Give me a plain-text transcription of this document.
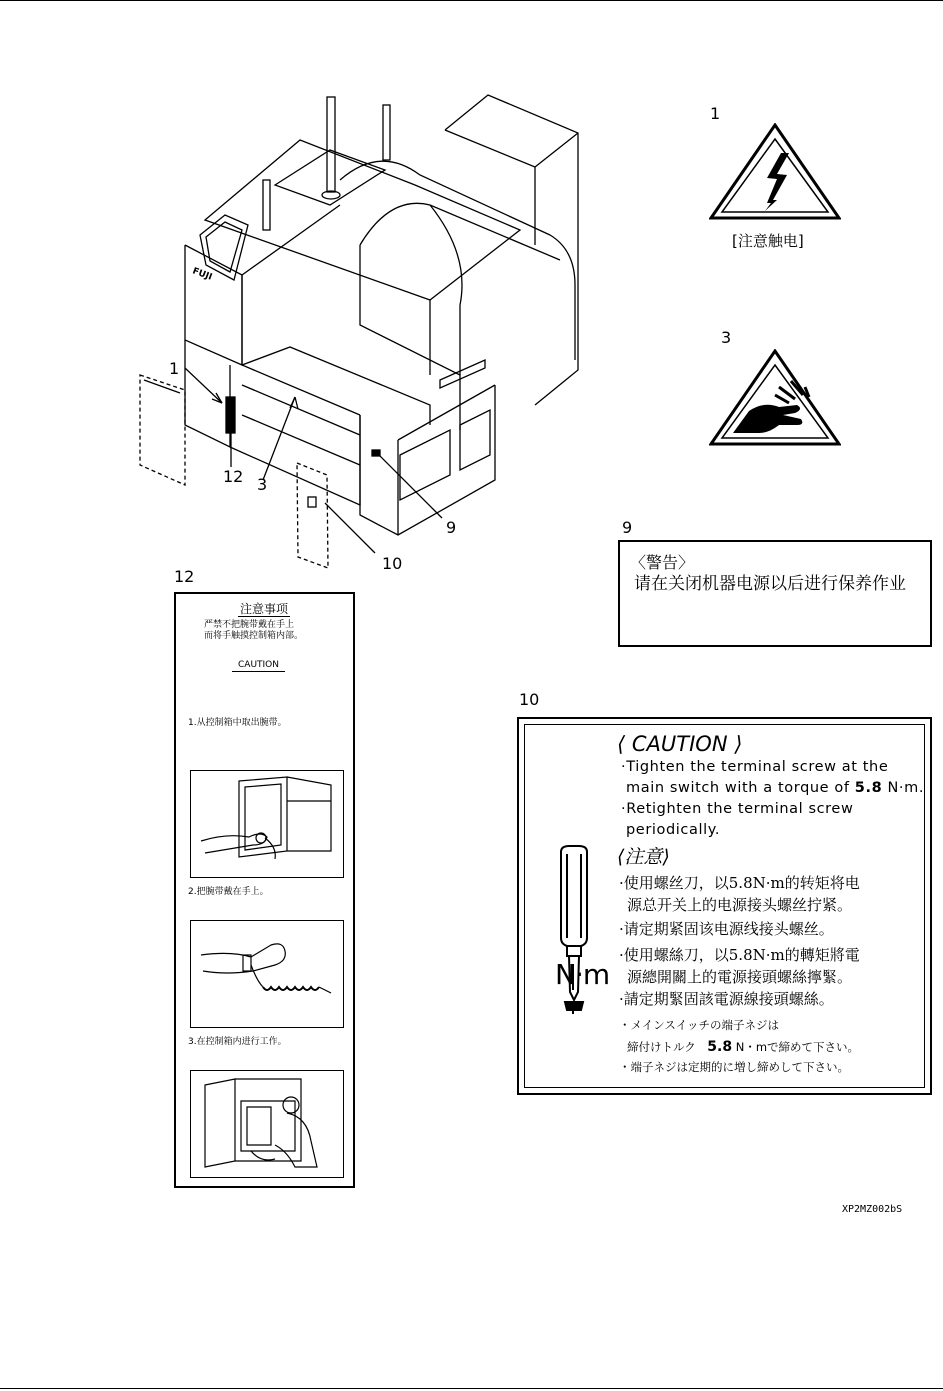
FUJI
1
12 3
9
10
1
[注意触电]
3
9
〈警告〉
请在关闭机器电源以后进行保养作业
12
注意事项
严禁不把腕带戴在手上
而将手触摸控制箱内部。
CAUTION
1.从控制箱中取出腕带。
2.把腕带戴在手上。
3.在控制箱内进行工作。
10
N·m
⟨ CAUTION ⟩
·Tighten the terminal screw at the
main switch with a torque of 5.8 N·m.
·Retighten the terminal screw
periodically.
⟨注意⟩
·使用螺丝刀，以5.8N·m的转矩将电
源总开关上的电源接头螺丝拧紧。
·请定期紧固该电源线接头螺丝。
·使用螺絲刀，以5.8N·m的轉矩將電
源總開關上的電源接頭螺絲擰緊。
·請定期緊固該電源線接頭螺絲。
・メインスイッチの端子ネジは
締付けトルク　5.8 N・mで締めて下さい。
・端子ネジは定期的に増し締めして下さい。
XP2MZ002bS
